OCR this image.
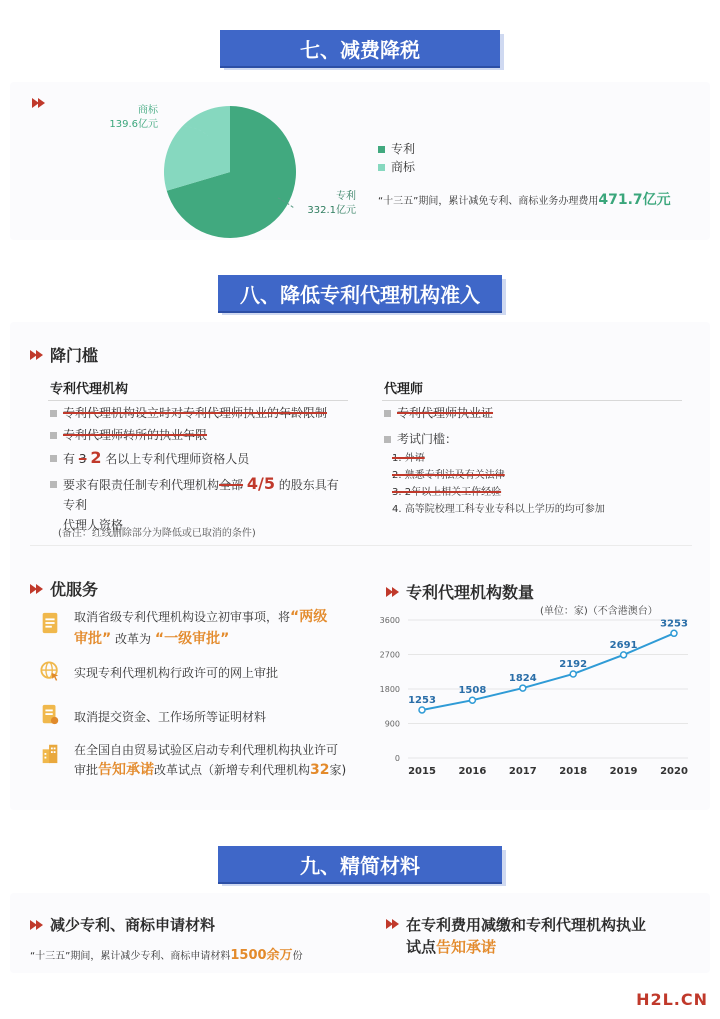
七、减费降税
商标
139.6亿元
专利
332.1亿元
专利
商标
“十三五”期间，累计减免专利、商标业务办理费用471.7亿元
八、降低专利代理机构准入
降门槛
专利代理机构
专利代理机构设立时对专利代理师执业的年龄限制
专利代理师转所的执业年限
有 3 2 名以上专利代理师资格人员
要求有限责任制专利代理机构全部 4/5 的股东具有专利
代理人资格
(备注：红线删除部分为降低或已取消的条件)
代理师
专利代理师执业证
考试门槛：
1. 外语
2. 熟悉专利法及有关法律
3. 2年以上相关工作经验
4. 高等院校理工科专业专科以上学历的均可参加
优服务
取消省级专利代理机构设立初审事项，将“两级
审批” 改革为 “一级审批”
实现专利代理机构行政许可的网上审批
取消提交资金、工作场所等证明材料
在全国自由贸易试验区启动专利代理机构执业许可
审批告知承诺改革试点（新增专利代理机构32家)
专利代理机构数量
(单位：家)（不含港澳台）
0
900
1800
2700
3600
1253
2015
1508
2016
1824
2017
2192
2018
2691
2019
3253
2020
九、精简材料
减少专利、商标申请材料
“十三五”期间，累计减少专利、商标申请材料1500余万份
在专利费用减缴和专利代理机构执业
试点告知承诺
H2L.CN
